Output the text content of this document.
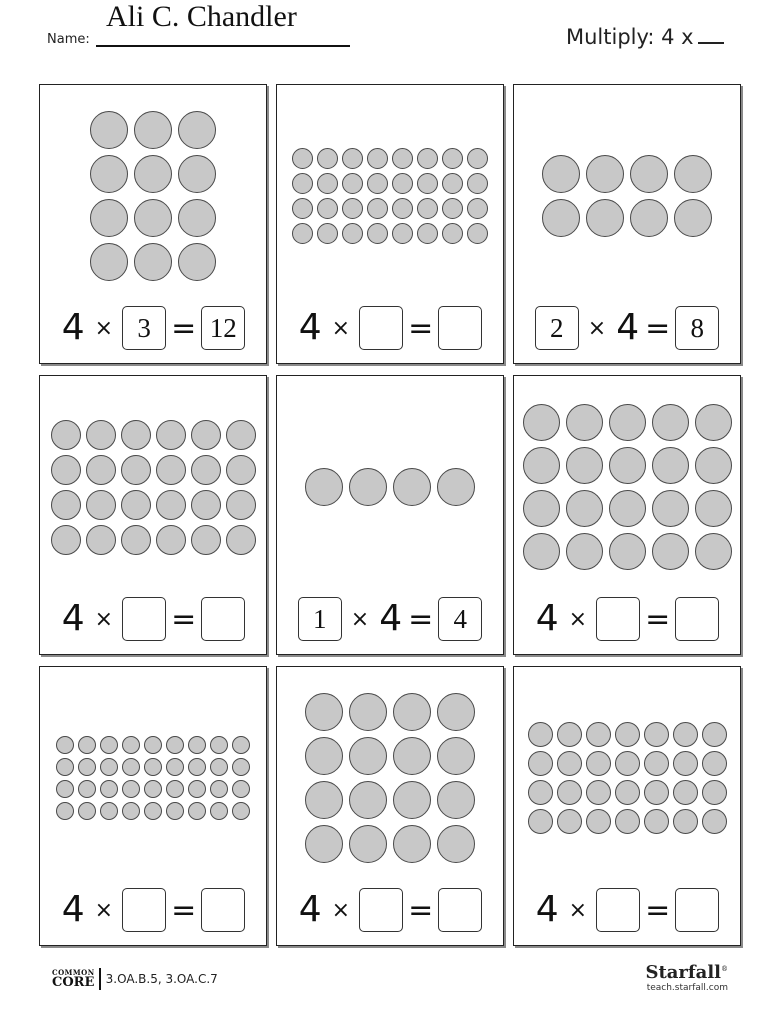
Name:
Ali C. Chandler
Multiply: 4 x
4 × 3 = 12 4 × =	2	× 4 = 8
4 × =	1	× 4 = 4	4 × =
4 × =	4 × =	4 × =
COMMON
CORE 3.OA.B.5, 3.OA.C.7	Starfall®
teach.starfall.com
